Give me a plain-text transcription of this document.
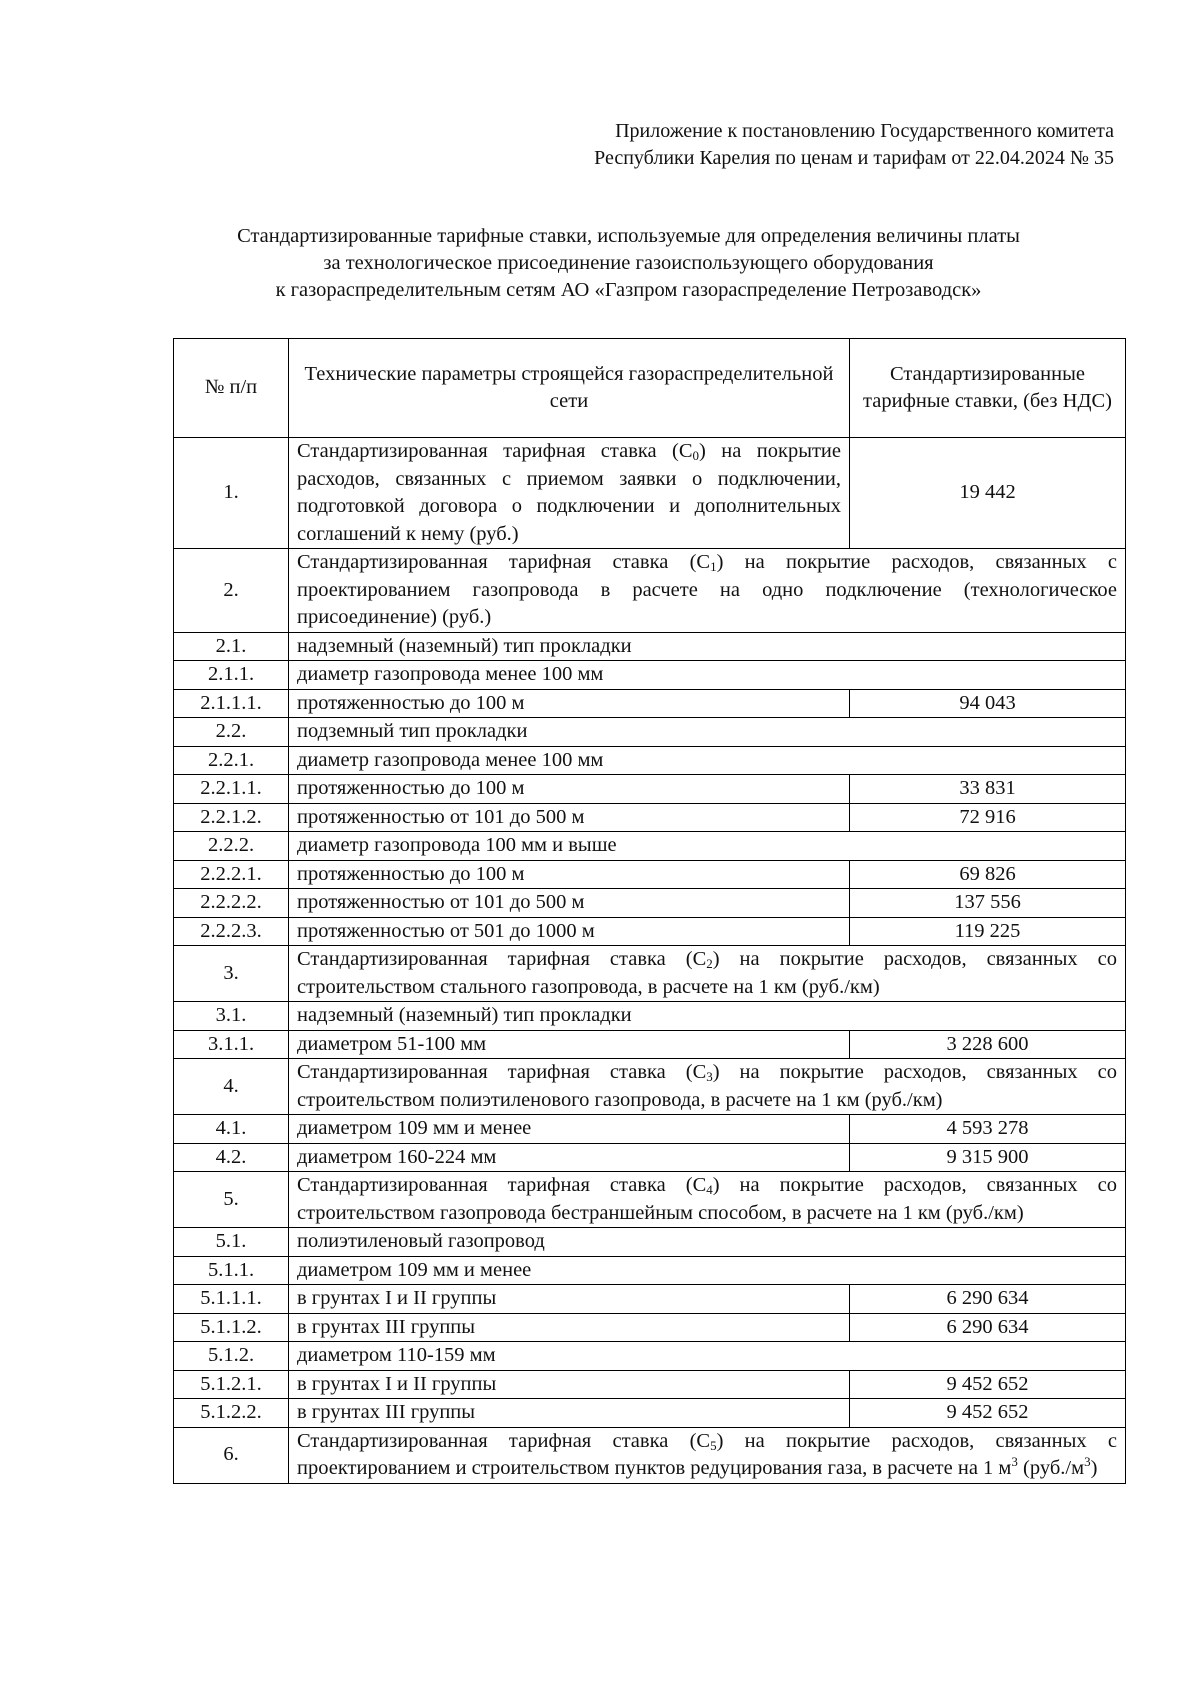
Приложение к постановлению Государственного комитета
Республики Карелия по ценам и тарифам от 22.04.2024 № 35
Стандартизированные тарифные ставки, используемые для определения величины платы
за технологическое присоединение газоиспользующего оборудования
к газораспределительным сетям АО «Газпром газораспределение Петрозаводск»
№ п/п	Технические параметры строящейся газораспределительной сети	Стандартизированные тарифные ставки, (без НДС)
1.	Стандартизированная тарифная ставка $(С_0)$ на покрытие расходов, связанных с приемом заявки о подключении, подготовкой договора о подключении и дополнительных соглашений к нему (руб.)	19 442
2.	Стандартизированная тарифная ставка $(С_1)$ на покрытие расходов, связанных с проектированием газопровода в расчете на одно подключение (технологическое присоединение) (руб.)	
2.1.	надземный (наземный) тип прокладки	
2.1.1.	диаметр газопровода менее 100 мм	
2.1.1.1.	протяженностью до 100 м	94 043
2.2.	подземный тип прокладки	
2.2.1.	диаметр газопровода менее 100 мм	
2.2.1.1.	протяженностью до 100 м	33 831
2.2.1.2.	протяженностью от 101 до 500 м	72 916
2.2.2.	диаметр газопровода 100 мм и выше	
2.2.2.1.	протяженностью до 100 м	69 826
2.2.2.2.	протяженностью от 101 до 500 м	137 556
2.2.2.3.	протяженностью от 501 до 1000 м	119 225
3.	Стандартизированная тарифная ставка $(С_2)$ на покрытие расходов, связанных со строительством стального газопровода, в расчете на 1 км (руб./км)	
3.1.	надземный (наземный) тип прокладки	
3.1.1.	диаметром 51-100 мм	3 228 600
4.	Стандартизированная тарифная ставка $(С_3)$ на покрытие расходов, связанных со строительством полиэтиленового газопровода, в расчете на 1 км (руб./км)	
4.1.	диаметром 109 мм и менее	4 593 278
4.2.	диаметром 160-224 мм	9 315 900
5.	Стандартизированная тарифная ставка $(С_4)$ на покрытие расходов, связанных со строительством газопровода бестраншейным способом, в расчете на 1 км (руб./км)	
5.1.	полиэтиленовый газопровод	
5.1.1.	диаметром 109 мм и менее	
5.1.1.1.	в грунтах I и II группы	6 290 634
5.1.1.2.	в грунтах III группы	6 290 634
5.1.2.	диаметром 110-159 мм	
5.1.2.1.	в грунтах I и II группы	9 452 652
5.1.2.2.	в грунтах III группы	9 452 652
6.	Стандартизированная тарифная ставка $(С_5)$ на покрытие расходов, связанных с проектированием и строительством пунктов редуцирования газа, в расчете на 1 $м^3$ $(руб./м^3)$	
